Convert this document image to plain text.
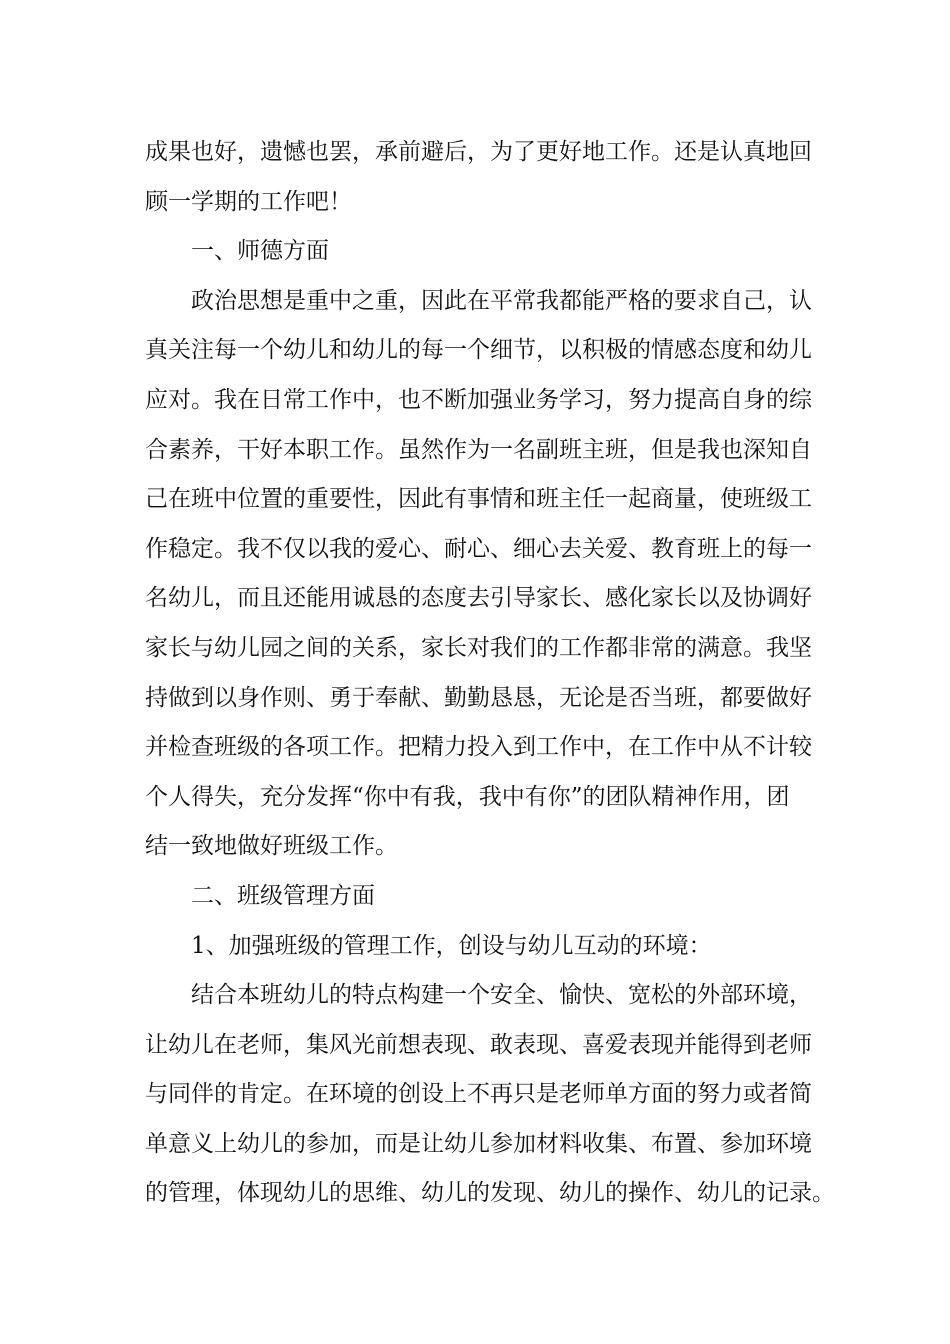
成果也好，遗憾也罢，承前避后，为了更好地工作。还是认真地回
顾一学期的工作吧！
一、师德方面
政治思想是重中之重，因此在平常我都能严格的要求自己，认
真关注每一个幼儿和幼儿的每一个细节，以积极的情感态度和幼儿
应对。我在日常工作中，也不断加强业务学习，努力提高自身的综
合素养，干好本职工作。虽然作为一名副班主班，但是我也深知自
己在班中位置的重要性，因此有事情和班主任一起商量，使班级工
作稳定。我不仅以我的爱心、耐心、细心去关爱、教育班上的每一
名幼儿，而且还能用诚恳的态度去引导家长、感化家长以及协调好
家长与幼儿园之间的关系，家长对我们的工作都非常的满意。我坚
持做到以身作则、勇于奉献、勤勤恳恳，无论是否当班，都要做好
并检查班级的各项工作。把精力投入到工作中，在工作中从不计较
个人得失，充分发挥“你中有我，我中有你”的团队精神作用，团
结一致地做好班级工作。
二、班级管理方面
1、加强班级的管理工作，创设与幼儿互动的环境：
结合本班幼儿的特点构建一个安全、愉快、宽松的外部环境，
让幼儿在老师，集风光前想表现、敢表现、喜爱表现并能得到老师
与同伴的肯定。在环境的创设上不再只是老师单方面的努力或者简
单意义上幼儿的参加，而是让幼儿参加材料收集、布置、参加环境
的管理，体现幼儿的思维、幼儿的发现、幼儿的操作、幼儿的记录。
